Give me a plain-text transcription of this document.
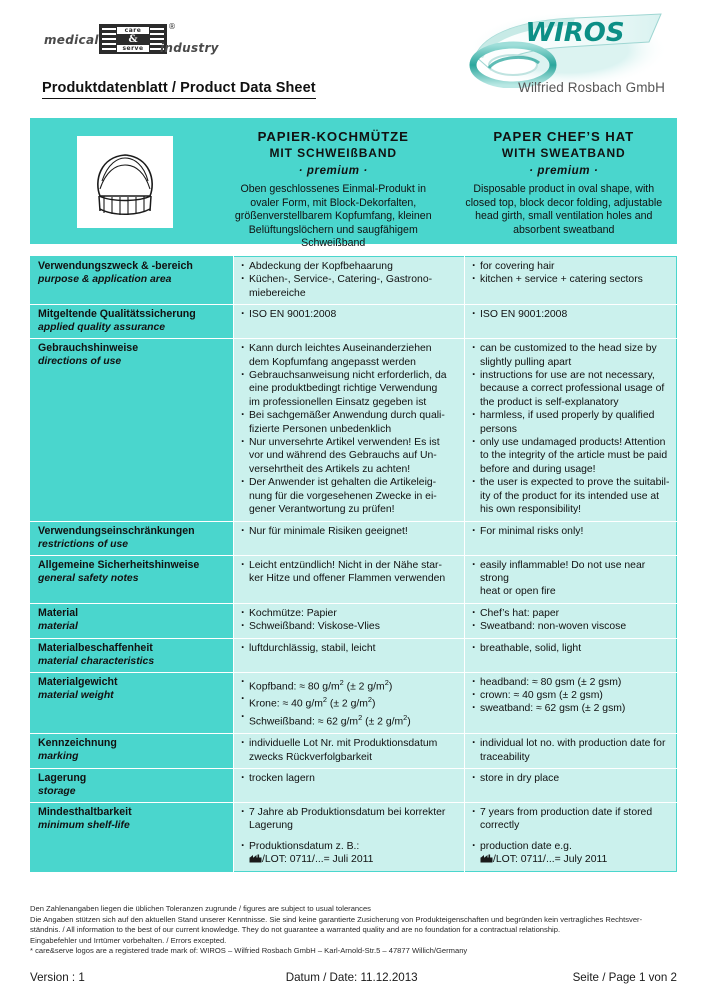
medical
care
&
serve
®
industry
Produktdatenblatt / Product Data Sheet
WIROS
Wilfried Rosbach GmbH
PAPIER-KOCHMÜTZE
MIT SCHWEIßBAND
· premium ·
Oben geschlossenes Einmal-Produkt in ovaler Form, mit Block-Dekorfalten, größenverstellbarem Kopfumfang, kleinen Belüftungslöchern und saugfähigem Schweißband
PAPER CHEF’S HAT
WITH SWEATBAND
· premium ·
Disposable product in oval shape, with closed top, block decor folding, adjustable head girth, small ventilation holes and absorbent sweatband
Verwendungszweck & -bereich
purpose & application area

· Abdeckung der Kopfbehaarung
· Küchen-, Service-, Catering-, Gastrono-
miebereiche

· for covering hair
· kitchen + service + catering sectors

Mitgeltende Qualitätssicherung
applied quality assurance

· ISO EN 9001:2008

·ISO EN 9001:2008

Gebrauchshinweise
directions of use

· Kann durch leichtes Auseinanderziehen
dem Kopfumfang angepasst werden
· Gebrauchsanweisung nicht erforderlich, da
eine produktbedingt richtige Verwendung
im professionellen Einsatz gegeben ist
· Bei sachgemäßer Anwendung durch quali-
fizierte Personen unbedenklich
· Nur unversehrte Artikel verwenden! Es ist
vor und während des Gebrauchs auf Un-
versehrtheit des Artikels zu achten!
· Der Anwender ist gehalten die Artikeleig-
nung für die vorgesehenen Zwecke in ei-
gener Verantwortung zu prüfen!

· can be customized to the head size by
slightly pulling apart
· instructions for use are not necessary,
because a correct professional usage of
the product is self-explanatory
· harmless, if used properly by qualified
persons
· only use undamaged products! Attention
to the integrity of the article must be paid
before and during usage!
· the user is expected to prove the suitabil-
ity of the product for its intended use at
his own responsibility!

Verwendungseinschränkungen
restrictions of use

· Nur für minimale Risiken geeignet!

·For minimal risks only!

Allgemeine Sicherheitshinweise
general safety notes

· Leicht entzündlich! Nicht in der Nähe star-
ker Hitze und offener Flammen verwenden

· easily inflammable! Do not use near strong
heat or open fire

Material
material

· Kochmütze: Papier
· Schweißband: Viskose-Vlies

· Chef’s hat: paper
· Sweatband: non-woven viscose

Materialbeschaffenheit
material characteristics

· luftdurchlässig, stabil, leicht

·breathable, solid, light

Materialgewicht
material weight

· Kopfband: ≈ 80 $g/m^2$ (± 2 $g/m^2$)
· Krone: ≈ 40 $g/m^2$ (± 2 $g/m^2$)
· Schweißband: ≈ 62 $g/m^2$ (± 2 $g/m^2$)

· headband: ≈ 80 gsm (± 2 gsm)
· crown: ≈ 40 gsm (± 2 gsm)
· sweatband: ≈ 62 gsm (± 2 gsm)

Kennzeichnung
marking

· individuelle Lot Nr. mit Produktionsdatum
zwecks Rückverfolgbarkeit

· individual lot no. with production date for
traceability

Lagerung
storage

· trocken lagern

·store in dry place

Mindesthaltbarkeit
minimum shelf-life

· 7 Jahre ab Produktionsdatum bei korrekter
Lagerung
· Produktionsdatum z. B.:
/LOT: 0711/...= Juli 2011

· 7 years from production date if stored
correctly
· production date e.g.
/LOT: 0711/...= July 2011
Den Zahlenangaben liegen die üblichen Toleranzen zugrunde / figures are subject to usual tolerances
Die Angaben stützen sich auf den aktuellen Stand unserer Kenntnisse. Sie sind keine garantierte Zusicherung von Produkteigenschaften und begründen kein vertragliches Rechtsver-
ständnis. / All information to the best of our current knowledge. They do not guarantee a warranted quality and are no foundation for a contractual relationship.
Eingabefehler und Irrtümer vorbehalten. / Errors excepted.
* care&serve logos are a registered trade mark of: WIROS – Wilfried Rosbach GmbH – Karl-Arnold-Str.5 – 47877 Willich/Germany
Version : 1	Datum / Date: 11.12.2013	Seite / Page 1 von 2
